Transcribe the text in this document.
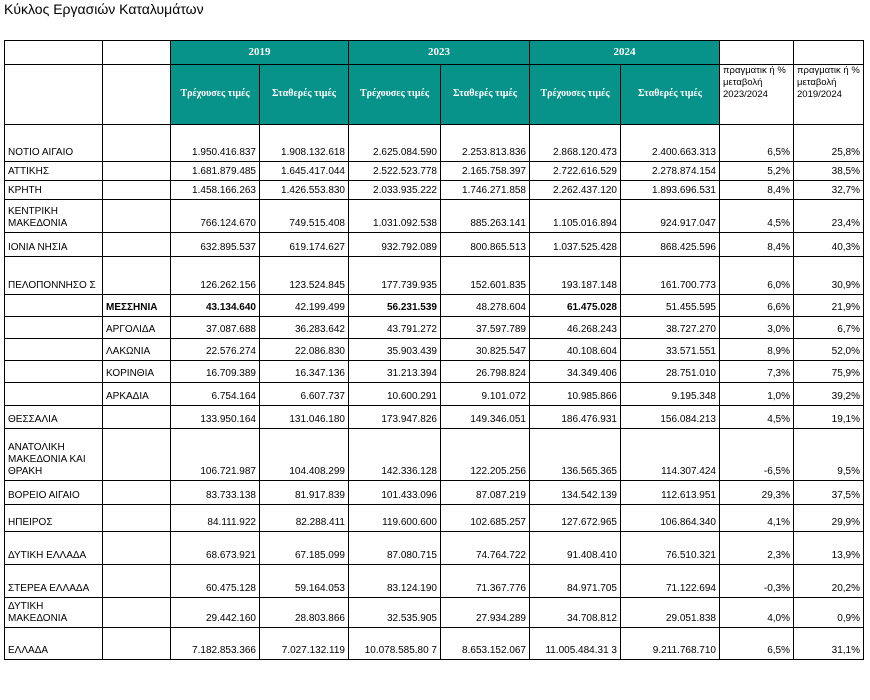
Κύκλος Εργασιών Καταλυμάτων
		2019		2023		2024			
		Τρέχουσες τιμές	Σταθερές τιμές	Τρέχουσες τιμές	Σταθερές τιμές	Τρέχουσες τιμές	Σταθερές τιμές	πραγματικ ή % μεταβολή 2023/2024	πραγματικ ή % μεταβολή 2019/2024
ΝΟΤΙΟ ΑΙΓΑΙΟ		1.950.416.837	1.908.132.618	2.625.084.590	2.253.813.836	2.868.120.473	2.400.663.313	6,5%	25,8%
ΑΤΤΙΚΗΣ		1.681.879.485	1.645.417.044	2.522.523.778	2.165.758.397	2.722.616.529	2.278.874.154	5,2%	38,5%
ΚΡΗΤΗ		1.458.166.263	1.426.553.830	2.033.935.222	1.746.271.858	2.262.437.120	1.893.696.531	8,4%	32,7%
ΚΕΝΤΡΙΚΗ ΜΑΚΕΔΟΝΙΑ		766.124.670	749.515.408	1.031.092.538	885.263.141	1.105.016.894	924.917.047	4,5%	23,4%
ΙΟΝΙΑ ΝΗΣΙΑ		632.895.537	619.174.627	932.792.089	800.865.513	1.037.525.428	868.425.596	8,4%	40,3%
ΠΕΛΟΠΟΝΝΗΣΟ Σ		126.262.156	123.524.845	177.739.935	152.601.835	193.187.148	161.700.773	6,0%	30,9%
	ΜΕΣΣΗΝΙΑ	43.134.640	42.199.499	56.231.539	48.278.604	61.475.028	51.455.595	6,6%	21,9%
	ΑΡΓΟΛΙΔΑ	37.087.688	36.283.642	43.791.272	37.597.789	46.268.243	38.727.270	3,0%	6,7%
	ΛΑΚΩΝΙΑ	22.576.274	22.086.830	35.903.439	30.825.547	40.108.604	33.571.551	8,9%	52,0%
	ΚΟΡΙΝΘΙΑ	16.709.389	16.347.136	31.213.394	26.798.824	34.349.406	28.751.010	7,3%	75,9%
	ΑΡΚΑΔΙΑ	6.754.164	6.607.737	10.600.291	9.101.072	10.985.866	9.195.348	1,0%	39,2%
ΘΕΣΣΑΛΙΑ		133.950.164	131.046.180	173.947.826	149.346.051	186.476.931	156.084.213	4,5%	19,1%
ΑΝΑΤΟΛΙΚΗ ΜΑΚΕΔΟΝΙΑ ΚΑΙ ΘΡΑΚΗ		106.721.987	104.408.299	142.336.128	122.205.256	136.565.365	114.307.424	-6,5%	9,5%
ΒΟΡΕΙΟ ΑΙΓΑΙΟ		83.733.138	81.917.839	101.433.096	87.087.219	134.542.139	112.613.951	29,3%	37,5%
ΗΠΕΙΡΟΣ		84.111.922	82.288.411	119.600.600	102.685.257	127.672.965	106.864.340	4,1%	29,9%
ΔΥΤΙΚΗ ΕΛΛΑΔΑ		68.673.921	67.185.099	87.080.715	74.764.722	91.408.410	76.510.321	2,3%	13,9%
ΣΤΕΡΕΑ ΕΛΛΑΔΑ		60.475.128	59.164.053	83.124.190	71.367.776	84.971.705	71.122.694	-0,3%	20,2%
ΔΥΤΙΚΗ ΜΑΚΕΔΟΝΙΑ		29.442.160	28.803.866	32.535.905	27.934.289	34.708.812	29.051.838	4,0%	0,9%
ΕΛΛΑΔΑ		7.182.853.366	7.027.132.119	10.078.585.80 7	8.653.152.067	11.005.484.31 3	9.211.768.710	6,5%	31,1%
